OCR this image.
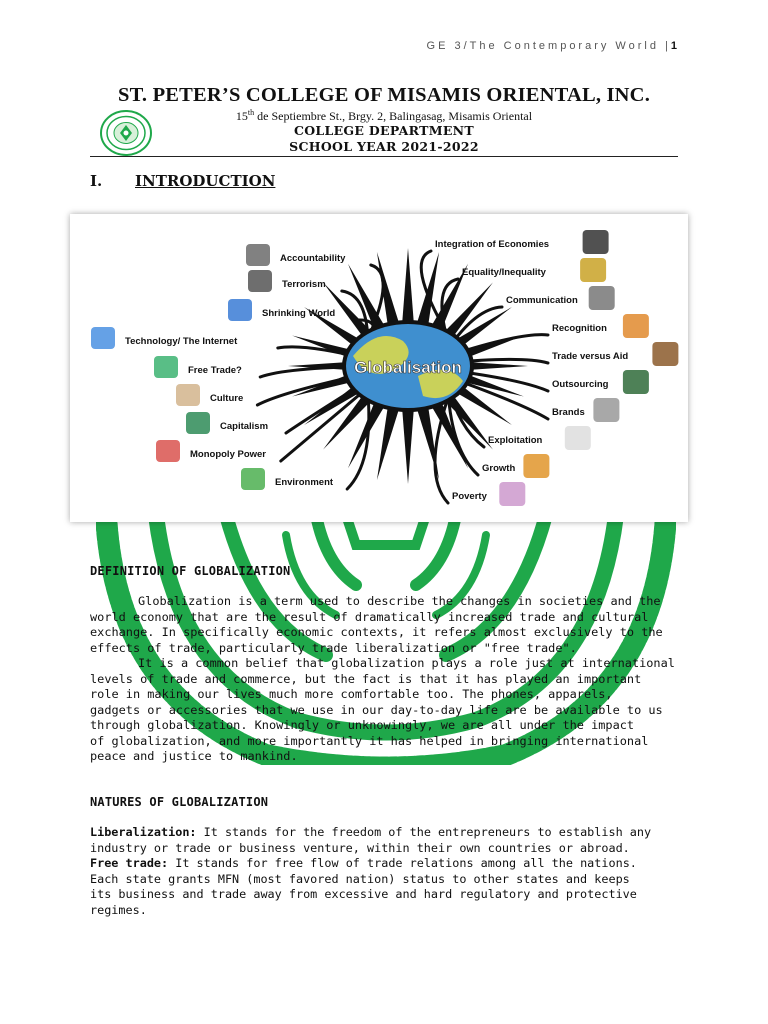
GE 3/The Contemporary World |1
ST. PETER’S COLLEGE OF MISAMIS ORIENTAL, INC.
15th de Septiembre St., Brgy. 2, Balingasag, Misamis Oriental
COLLEGE DEPARTMENT
SCHOOL YEAR 2021-2022
I. INTRODUCTION
Globalisation
Accountability
Terrorism
Shrinking World
Technology/ The Internet
Free Trade?
Culture
Capitalism
Monopoly Power
Environment
Integration of Economies
Equality/Inequality
Communication
Recognition
Trade versus Aid
Outsourcing
Brands
Exploitation
Growth
Poverty
DEFINITION OF GLOBALIZATION
Globalization is a term used to describe the changes in societies and the
world economy that are the result of dramatically increased trade and cultural
exchange. In specifically economic contexts, it refers almost exclusively to the
effects of trade, particularly trade liberalization or "free trade".
It is a common belief that globalization plays a role just at international
levels of trade and commerce, but the fact is that it has played an important
role in making our lives much more comfortable too. The phones, apparels,
gadgets or accessories that we use in our day-to-day life are be available to us
through globalization. Knowingly or unknowingly, we are all under the impact
of globalization, and more importantly it has helped in bringing international
peace and justice to mankind.
NATURES OF GLOBALIZATION
Liberalization: It stands for the freedom of the entrepreneurs to establish any
industry or trade or business venture, within their own countries or abroad.
Free trade: It stands for free flow of trade relations among all the nations.
Each state grants MFN (most favored nation) status to other states and keeps
its business and trade away from excessive and hard regulatory and protective
regimes.
